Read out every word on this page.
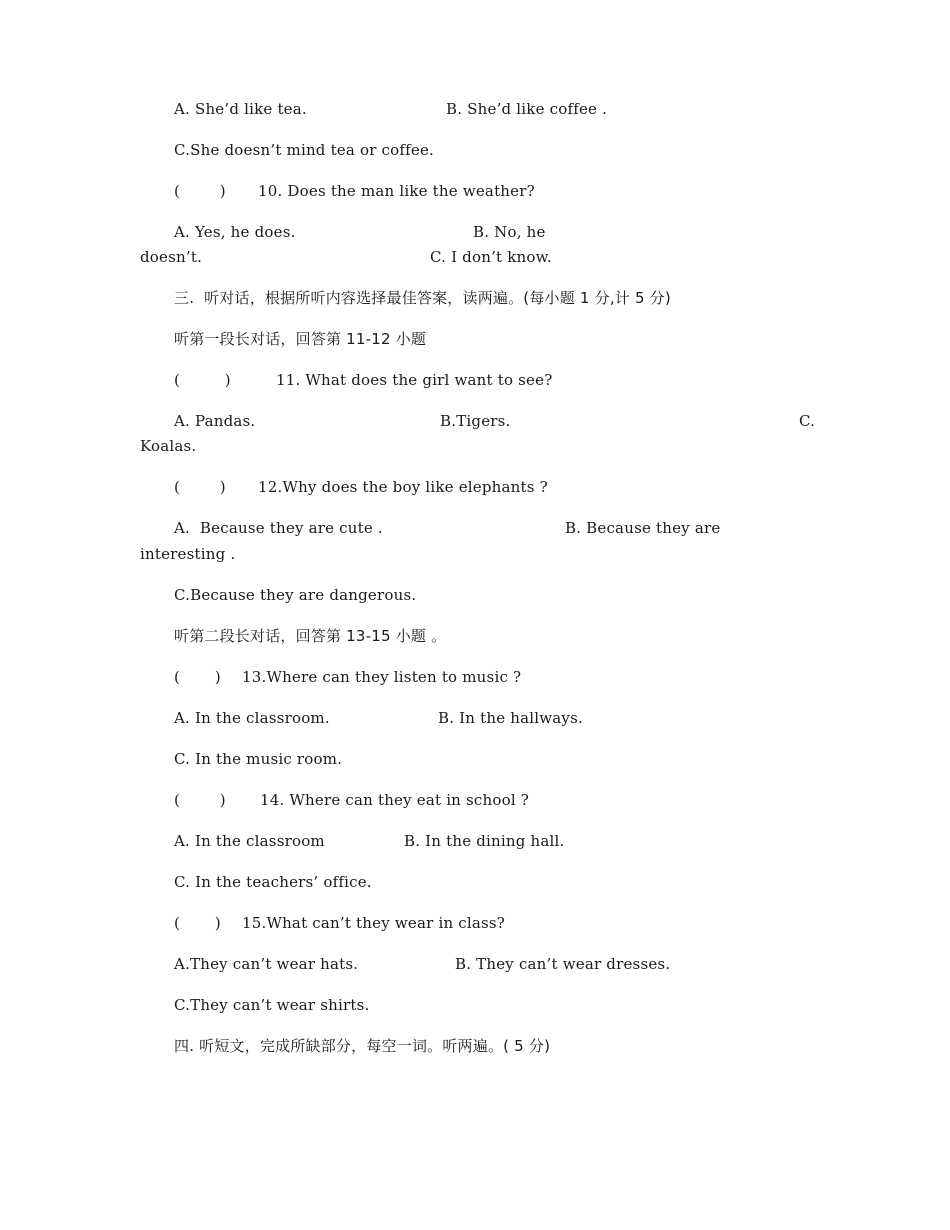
A. She’d like tea.	B. She’d like coffee .
C.She doesn’t mind tea or coffee.
(        ) 10. Does the man like the weather?
A. Yes, he does.	B. No, he
doesn’t.	C. I don’t know.
三.  听对话，根据所听内容选择最佳答案，读两遍。(每小题 1 分,计 5 分)
听第一段长对话，回答第 11-12 小题
(         )	11. What does the girl want to see?
A. Pandas.	B.Tigers.	C.
Koalas.
(        ) 12.Why does the boy like elephants ?
A.  Because they are cute .	B. Because they are
interesting .
C.Because they are dangerous.
听第二段长对话，回答第 13-15 小题 。
(       ) 13.Where can they listen to music ?
A. In the classroom.	B. In the hallways.
C. In the music room.
(        ) 14. Where can they eat in school ?
A. In the classroom	B. In the dining hall.
C. In the teachers’ office.
(       ) 15.What can’t they wear in class?
A.They can’t wear hats.	B. They can’t wear dresses.
C.They can’t wear shirts.
四. 听短文，完成所缺部分，每空一词。听两遍。( 5 分)
